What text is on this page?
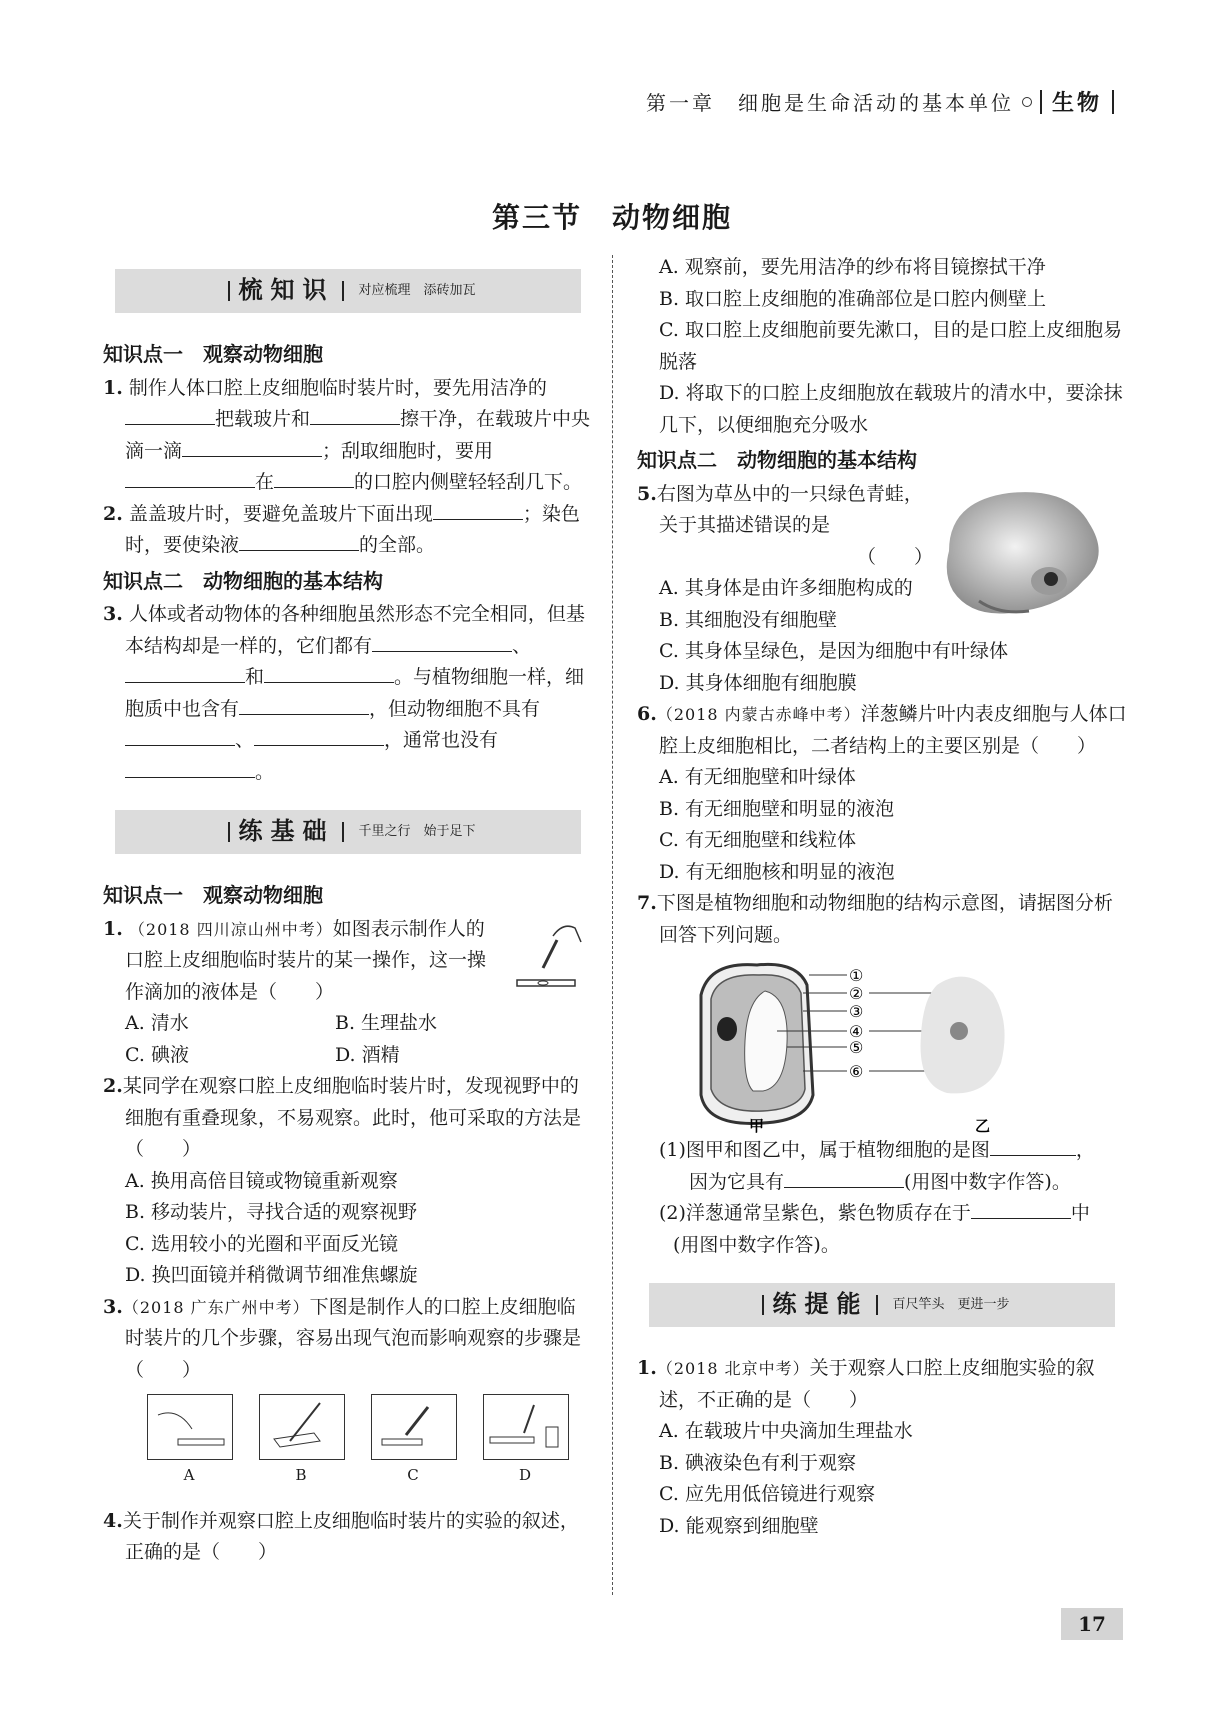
第一章　细胞是生命活动的基本单位 生物
第三节　动物细胞
梳知识 对应梳理　添砖加瓦
知识点一　观察动物细胞
1. 制作人体口腔上皮细胞临时装片时，要先用洁净的把载玻片和	擦干净，在载玻片中央滴一滴	；刮取细胞时，要用在	的口腔内侧壁轻轻刮几下。
2. 盖盖玻片时，要避免盖玻片下面出现	；染色时，要使染液	的全部。
知识点二　动物细胞的基本结构
3. 人体或者动物体的各种细胞虽然形态不完全相同，但基本结构却是一样的，它们都有	、和	。与植物细胞一样，细胞质中也含有	，但动物细胞不具有、	，通常也没有。
练基础 千里之行　始于足下
知识点一　观察动物细胞
1. （2018 四川凉山州中考）如图表示制作人的口腔上皮细胞临时装片的某一操作，这一操作滴加的液体是（　　）
A. 清水	B. 生理盐水
C. 碘液	D. 酒精
2.某同学在观察口腔上皮细胞临时装片时，发现视野中的细胞有重叠现象，不易观察。此时，他可采取的方法是（　　）
A. 换用高倍目镜或物镜重新观察
B. 移动装片，寻找合适的观察视野
C. 选用较小的光圈和平面反光镜
D. 换凹面镜并稍微调节细准焦螺旋
3.（2018 广东广州中考）下图是制作人的口腔上皮细胞临时装片的几个步骤，容易出现气泡而影响观察的步骤是（　　）
A	B	C	D
4.关于制作并观察口腔上皮细胞临时装片的实验的叙述，正确的是（　　）
A. 观察前，要先用洁净的纱布将目镜擦拭干净
B. 取口腔上皮细胞的准确部位是口腔内侧壁上
C. 取口腔上皮细胞前要先漱口，目的是口腔上皮细胞易脱落
D. 将取下的口腔上皮细胞放在载玻片的清水中，要涂抹几下，以便细胞充分吸水
知识点二　动物细胞的基本结构
5.右图为草丛中的一只绿色青蛙，关于其描述错误的是
（　　）
A. 其身体是由许多细胞构成的
B. 其细胞没有细胞壁
C. 其身体呈绿色，是因为细胞中有叶绿体
D. 其身体细胞有细胞膜
6.（2018 内蒙古赤峰中考）洋葱鳞片叶内表皮细胞与人体口腔上皮细胞相比，二者结构上的主要区别是（　　）
A. 有无细胞壁和叶绿体
B. 有无细胞壁和明显的液泡
C. 有无细胞壁和线粒体
D. 有无细胞核和明显的液泡
7.下图是植物细胞和动物细胞的结构示意图，请据图分析回答下列问题。
①
②
③
④
⑤
⑥
甲	乙
(1)图甲和图乙中，属于植物细胞的是图	，
因为它具有	(用图中数字作答)。
(2)洋葱通常呈紫色，紫色物质存在于	中
(用图中数字作答)。
练提能 百尺竿头　更进一步
1.（2018 北京中考）关于观察人口腔上皮细胞实验的叙述，不正确的是（　　）
A. 在载玻片中央滴加生理盐水
B. 碘液染色有利于观察
C. 应先用低倍镜进行观察
D. 能观察到细胞壁
17
